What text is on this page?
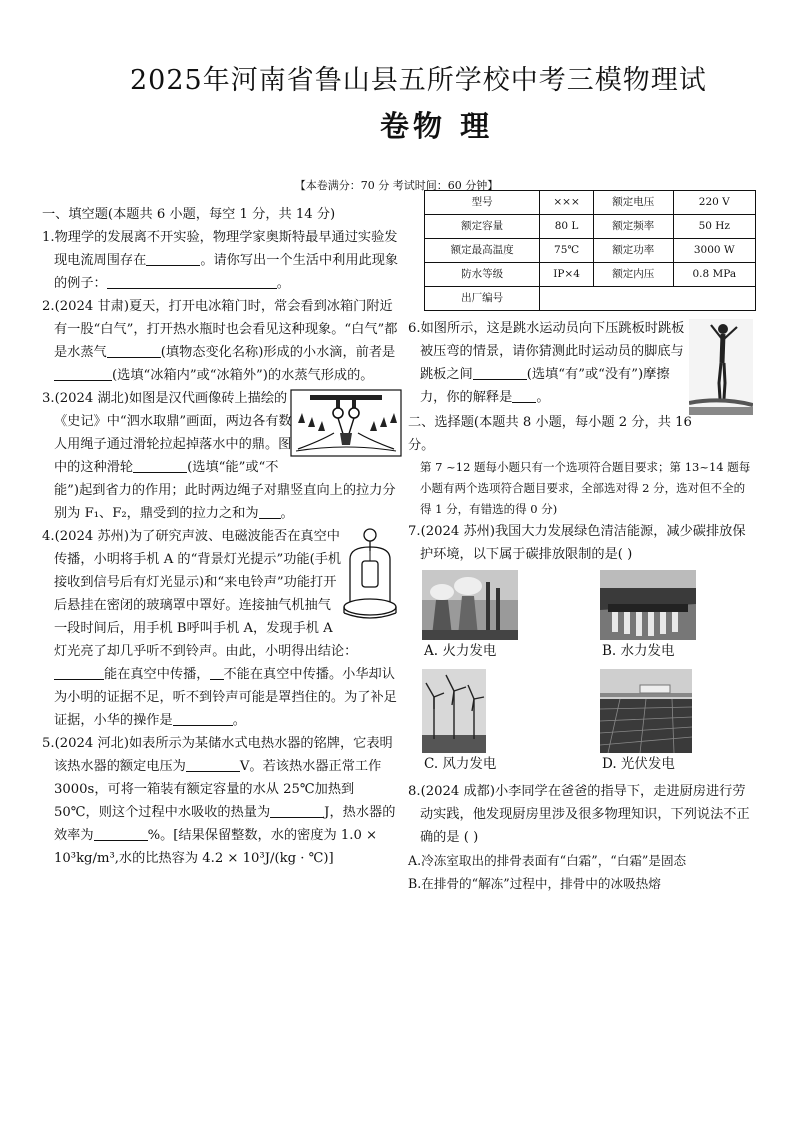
2025年河南省鲁山县五所学校中考三模物理试
卷物 理
【本卷满分：70 分 考试时间：60 分钟】

一、填空题(本题共 6 小题，每空 1 分，共 14 分)

1.物理学的发展离不开实验，物理学家奥斯特最早通过实验发现电流周围存在	。请你写出一个生活中利用此现象的例子：	。

2.(2024 甘肃)夏天，打开电冰箱门时，常会看到冰箱门附近有一股“白气”，打开热水瓶时也会看见这种现象。“白气”都是水蒸气	(填物态变化名称)形成的小水滴，前者是(选填“冰箱内”或“冰箱外”)的水蒸气形成的。

3.(2024 湖北)如图是汉代画像砖上描绘的《史记》中“泗水取鼎”画面，两边各有数人用绳子通过滑轮拉起掉落水中的鼎。图中的这种滑轮	(选填“能”或“不能”)起到省力的作用；此时两边绳子对鼎竖直向上的拉力分别为 F₁、F₂，鼎受到的拉力之和为 。

4.(2024 苏州)为了研究声波、电磁波能否在真空中传播，小明将手机 A 的“背景灯光提示”功能(手机接收到信号后有灯光显示)和“来电铃声”功能打开后悬挂在密闭的玻璃罩中罩好。连接抽气机抽气一段时间后，用手机 B呼叫手机 A，发现手机 A灯光亮了却几乎听不到铃声。由此，小明得出结论：能在真空中传播， 不能在真空中传播。小华却认为小明的证据不足，听不到铃声可能是罩挡住的。为了补足证据，小华的操作是	。

5.(2024 河北)如表所示为某储水式电热水器的铭牌，它表明该热水器的额定电压为	V。若该热水器正常工作 3000s，可将一箱装有额定容量的水从 25℃加热到 50℃，则这个过程中水吸收的热量为	J，热水器的效率为	%。[结果保留整数，水的密度为 1.0 × 10³kg/m³,水的比热容为 4.2 × 10³J/(kg · ℃)]

型号	×××	额定电压	220 V
额定容量	80 L	额定频率	50 Hz
额定最高温度	75℃	额定功率	3000 W
防水等级	IP×4	额定内压	0.8 MPa
出厂编号			

6.如图所示，这是跳水运动员向下压跳板时跳板被压弯的情景，请你猜测此时运动员的脚底与跳板之间	(选填“有”或“没有”)摩擦力，你的解释是 。

二、选择题(本题共 8 小题，每小题 2 分，共 16 分。

第 7 ~12 题每小题只有一个选项符合题目要求；第 13~14 题每小题有两个选项符合题目要求，全部选对得 2 分，选对但不全的得 1 分，有错选的得 0 分)

7.(2024 苏州)我国大力发展绿色清洁能源，减少碳排放保护环境，以下属于碳排放限制的是( )

A. 火力发电	B. 水力发电
C. 风力发电	D. 光伏发电

8.(2024 成都)小李同学在爸爸的指导下，走进厨房进行劳动实践，他发现厨房里涉及很多物理知识，下列说法不正确的是 ( )

A.冷冻室取出的排骨表面有“白霜”，“白霜”是固态

B.在排骨的“解冻”过程中，排骨中的冰吸热熔
